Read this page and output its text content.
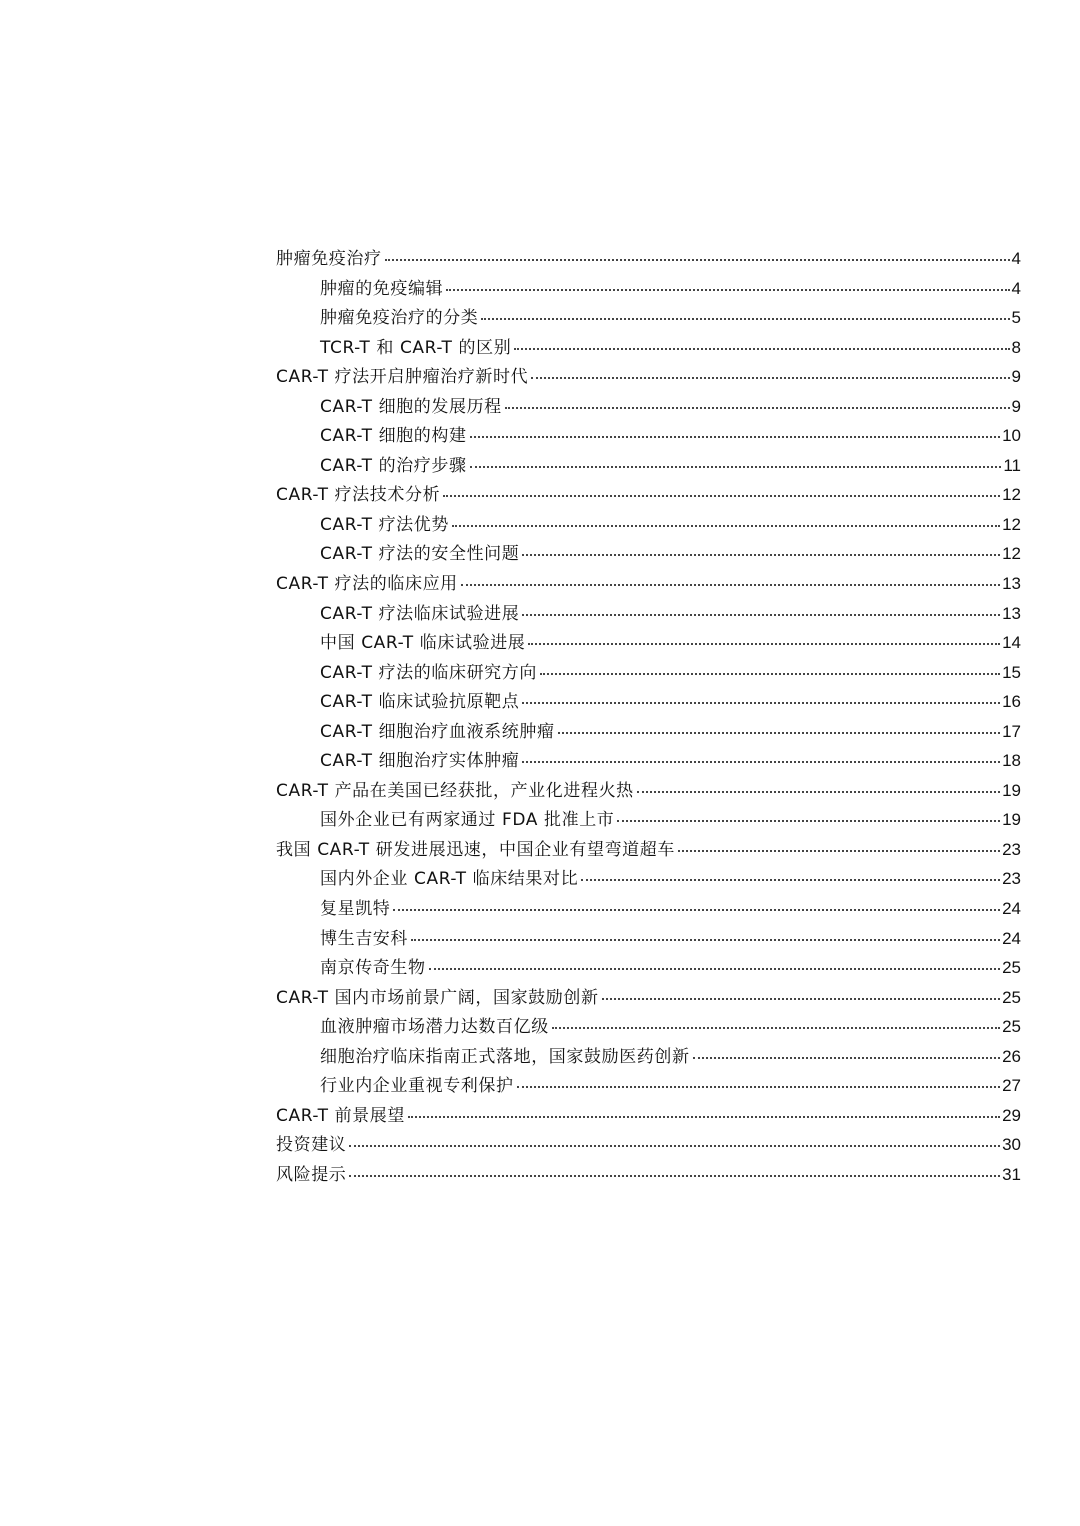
肿瘤免疫治疗	4
肿瘤的免疫编辑	4
肿瘤免疫治疗的分类	5
TCR-T 和 CAR-T 的区别	8
CAR-T 疗法开启肿瘤治疗新时代	9
CAR-T 细胞的发展历程	9
CAR-T 细胞的构建	10
CAR-T 的治疗步骤	11
CAR-T 疗法技术分析	12
CAR-T 疗法优势	12
CAR-T 疗法的安全性问题	12
CAR-T 疗法的临床应用	13
CAR-T 疗法临床试验进展	13
中国 CAR-T 临床试验进展	14
CAR-T 疗法的临床研究方向	15
CAR-T 临床试验抗原靶点	16
CAR-T 细胞治疗血液系统肿瘤	17
CAR-T 细胞治疗实体肿瘤	18
CAR-T 产品在美国已经获批，产业化进程火热	19
国外企业已有两家通过 FDA 批准上市	19
我国 CAR-T 研发进展迅速，中国企业有望弯道超车	23
国内外企业 CAR-T 临床结果对比	23
复星凯特	24
博生吉安科	24
南京传奇生物	25
CAR-T 国内市场前景广阔，国家鼓励创新	25
血液肿瘤市场潜力达数百亿级	25
细胞治疗临床指南正式落地，国家鼓励医药创新	26
行业内企业重视专利保护	27
CAR-T 前景展望	29
投资建议	30
风险提示	31
